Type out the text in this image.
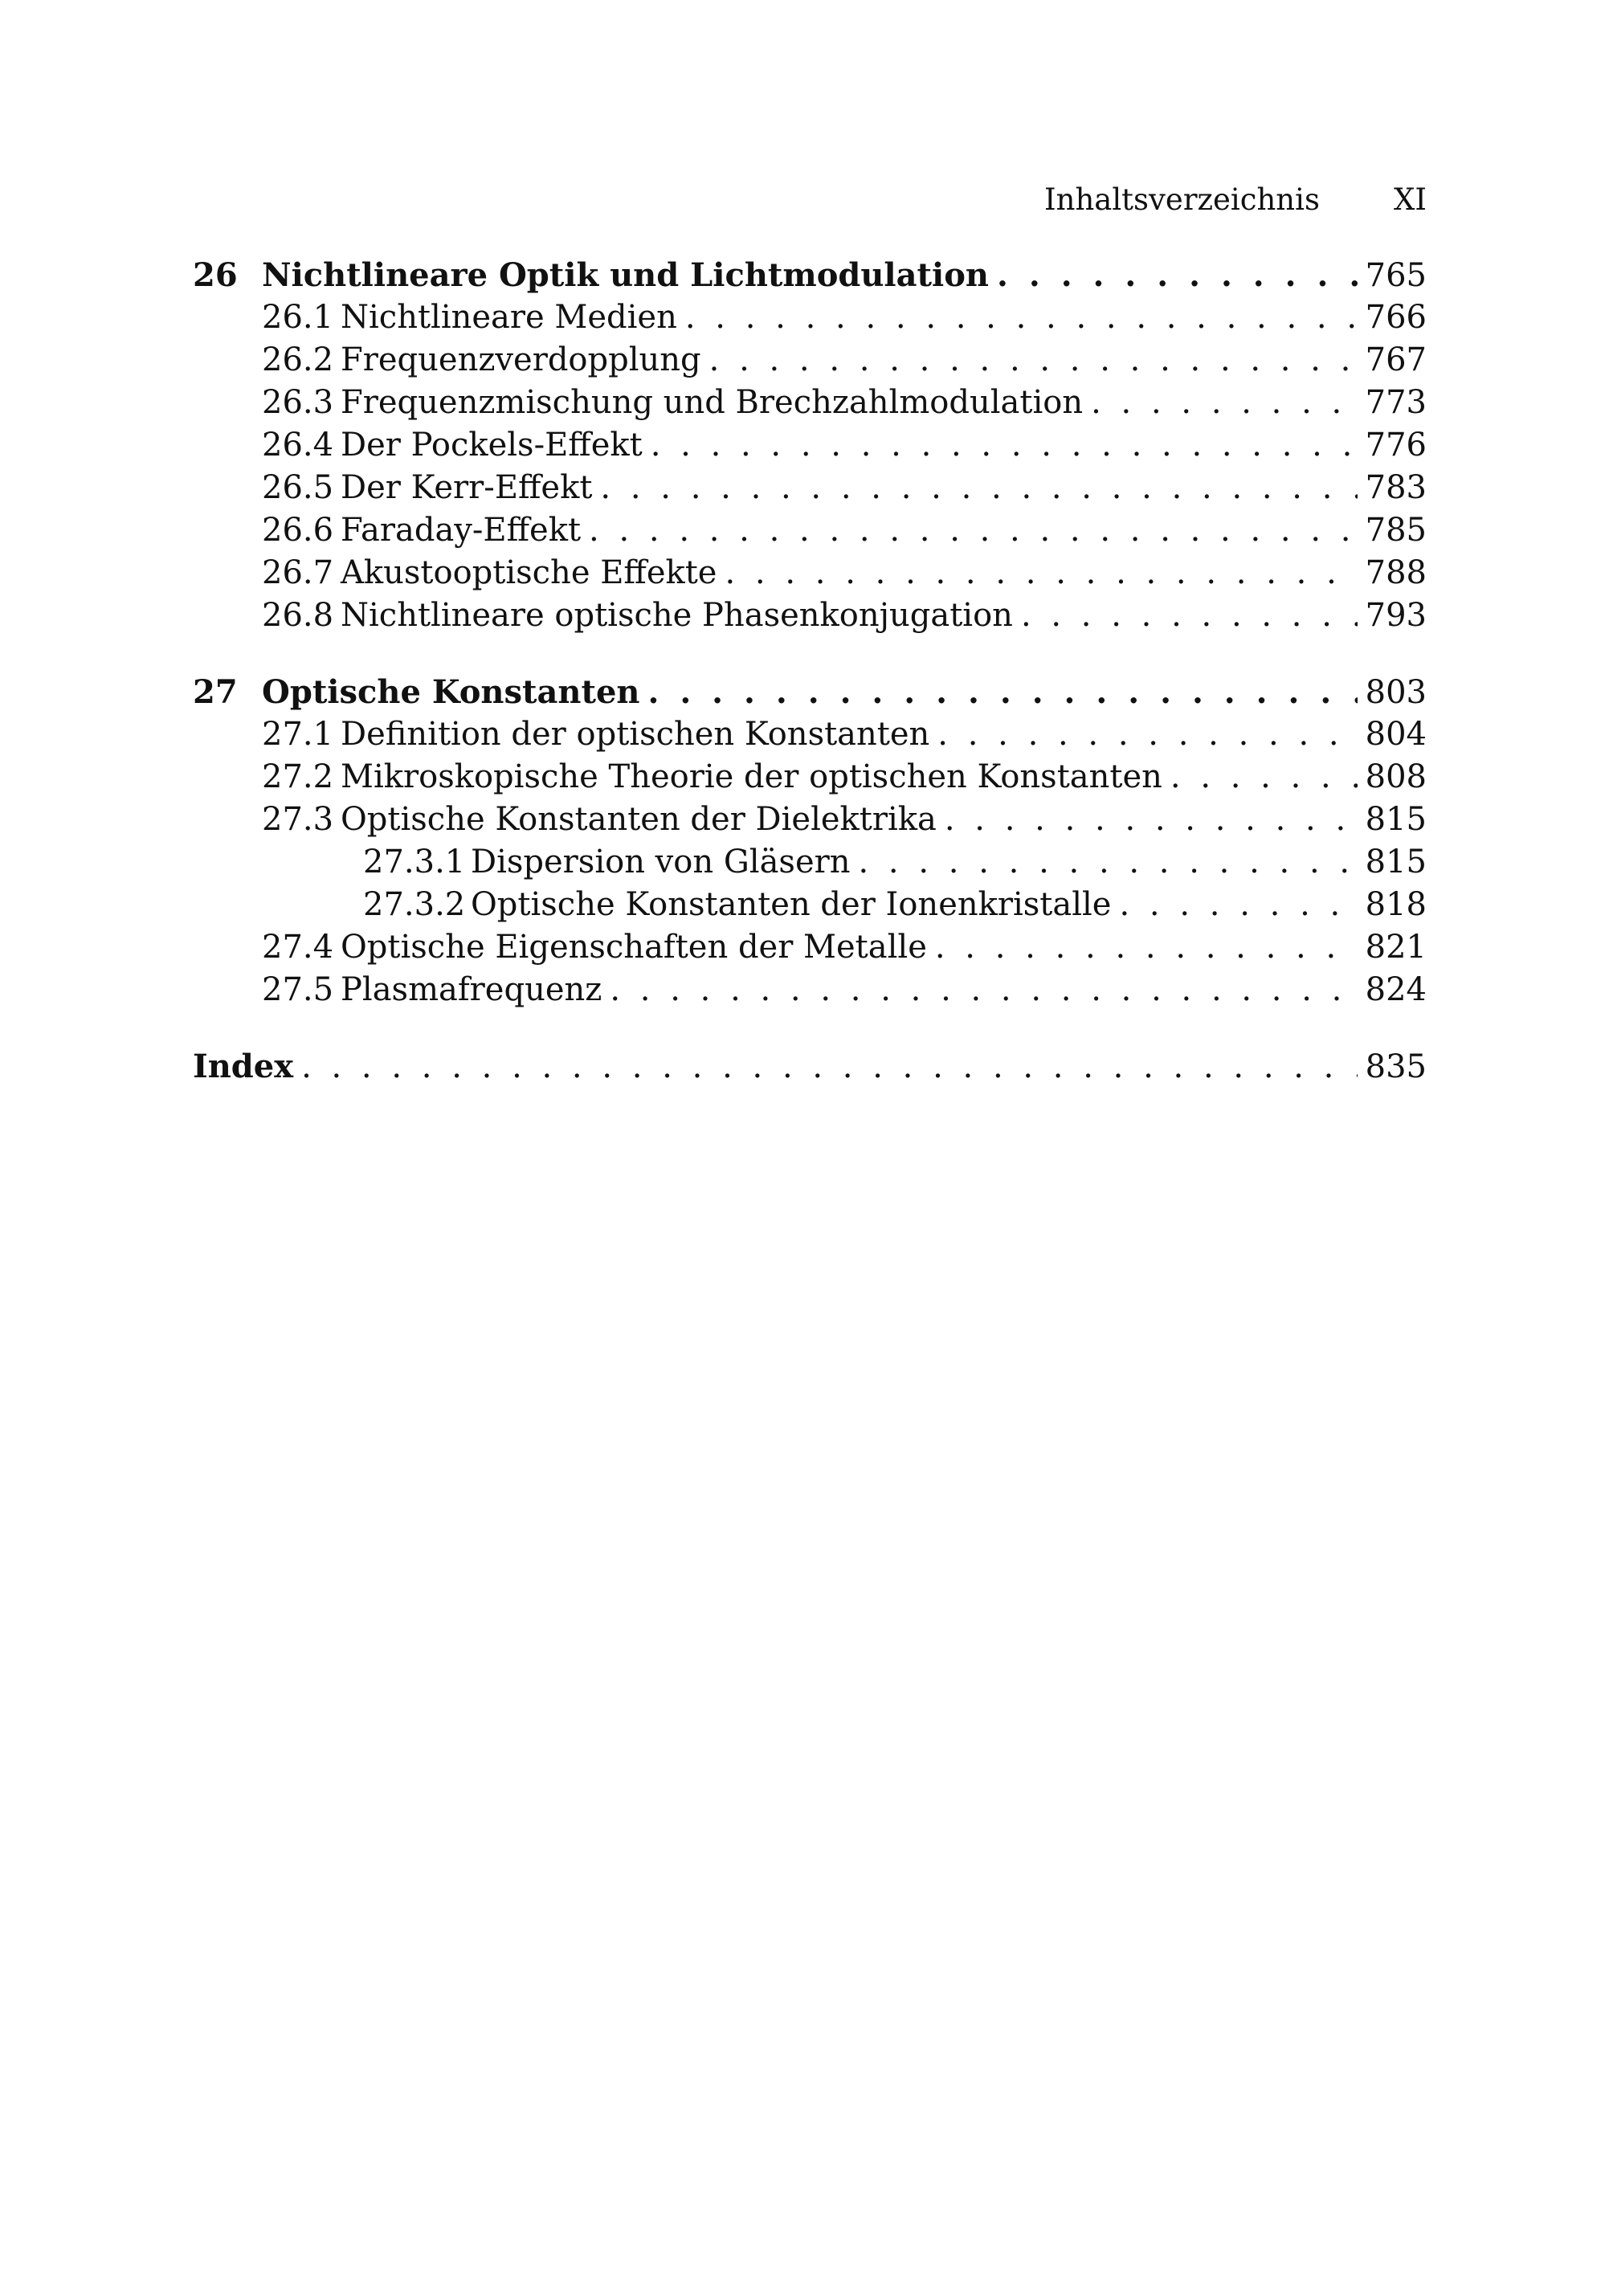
Inhaltsverzeichnis XI
26 Nichtlineare Optik und Lichtmodulation . . .	765
26.1 Nichtlineare Medien . . .	766
26.2 Frequenzverdopplung . . .	767
26.3 Frequenzmischung und Brechzahlmodulation . . .	773
26.4 Der Pockels-Effekt . . .	776
26.5 Der Kerr-Effekt . . .	783
26.6 Faraday-Effekt . . .	785
26.7 Akustooptische Effekte . . .	788
26.8 Nichtlineare optische Phasenkonjugation . . .	793
27 Optische Konstanten . . .	803
27.1 Definition der optischen Konstanten . . .	804
27.2 Mikroskopische Theorie der optischen Konstanten . . .	808
27.3 Optische Konstanten der Dielektrika . . .	815
27.3.1 Dispersion von Gläsern . . .	815
27.3.2 Optische Konstanten der Ionenkristalle . . .	818
27.4 Optische Eigenschaften der Metalle . . .	821
27.5 Plasmafrequenz . . .	824
Index . . .	835
